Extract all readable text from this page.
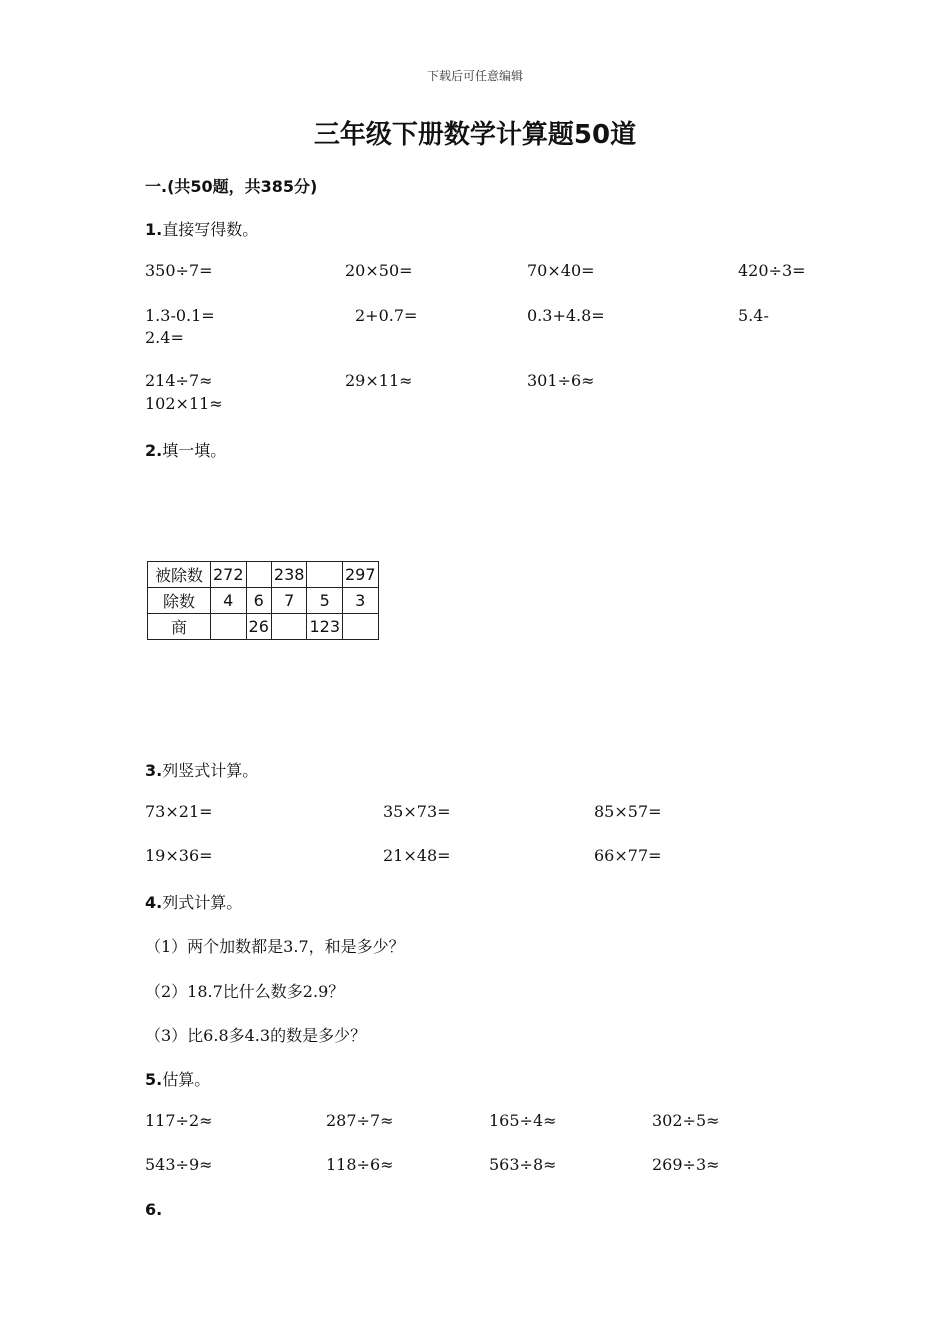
下载后可任意编辑
三年级下册数学计算题50道
一.(共50题，共385分)
1.直接写得数。
350÷7=	20×50=	70×40=	420÷3=
1.3-0.1=	2+0.7=	0.3+4.8=	5.4-
2.4=
214÷7≈	29×11≈	301÷6≈
102×11≈
2.填一填。
被除数	272		238		297
除数	4	6	7	5	3
商		26		123	
3.列竖式计算。
73×21=	35×73=	85×57=
19×36=	21×48=	66×77=
4.列式计算。
（1）两个加数都是3.7，和是多少？
（2）18.7比什么数多2.9？
（3）比6.8多4.3的数是多少？
5.估算。
117÷2≈	287÷7≈	165÷4≈	302÷5≈
543÷9≈	118÷6≈	563÷8≈	269÷3≈
6.
